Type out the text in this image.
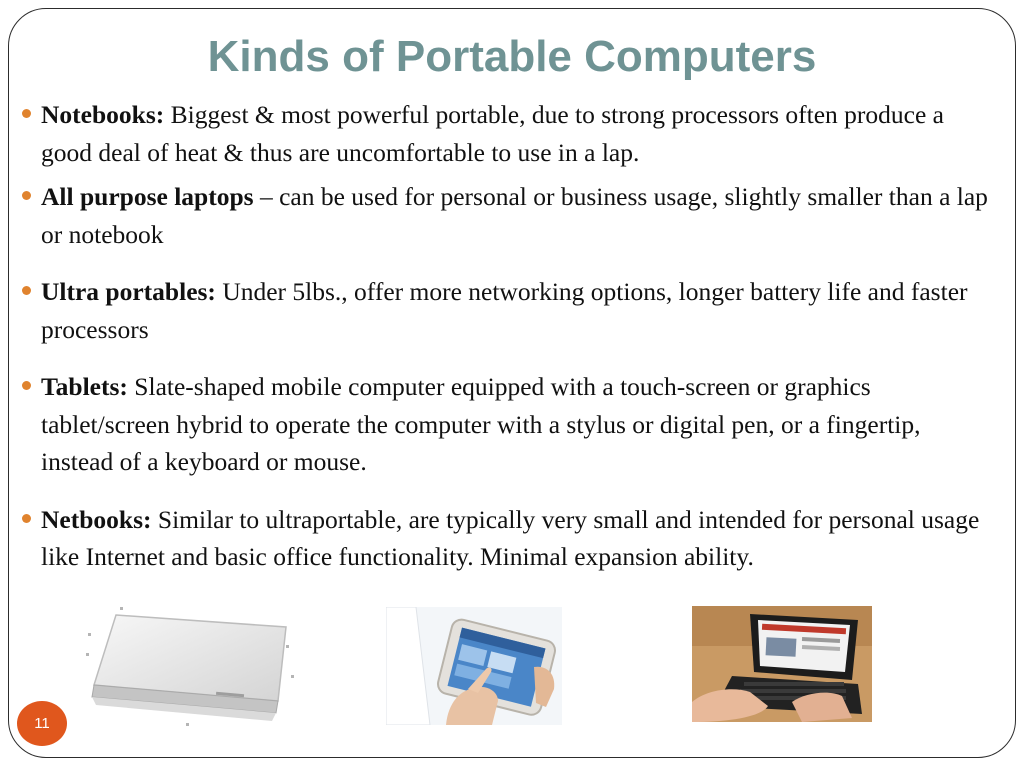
Kinds of Portable Computers
Notebooks: Biggest & most powerful portable, due to strong processors often produce a good deal of heat & thus are uncomfortable to use in a lap.
All purpose laptops – can be used for personal or business usage, slightly smaller than a lap or notebook
Ultra portables: Under 5lbs., offer more networking options, longer battery life and faster processors
Tablets: Slate-shaped mobile computer equipped with a touch-screen or graphics tablet/screen hybrid to operate the computer with a stylus or digital pen, or a fingertip, instead of a keyboard or mouse.
Netbooks: Similar to ultraportable, are typically very small and intended for personal usage like Internet and basic office functionality. Minimal expansion ability.
11
